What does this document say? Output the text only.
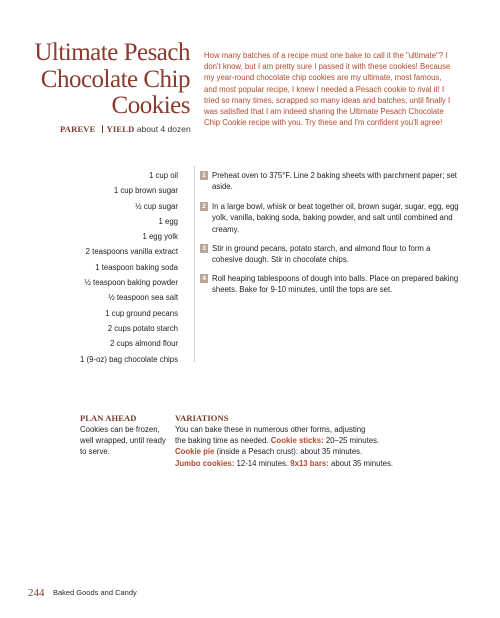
Ultimate Pesach
Chocolate Chip
Cookies
PAREVE YIELD about 4 dozen
How many batches of a recipe must one bake to call it the "ultimate"? I don't know, but I am pretty sure I passed it with these cookies! Because my year-round chocolate chip cookies are my ultimate, most famous, and most popular recipe, I knew I needed a Pesach cookie to rival it! I tried so many times, scrapped so many ideas and batches, until finally I was satisfied that I am indeed sharing the Ultimate Pesach Chocolate Chip Cookie recipe with you. Try these and I'm confident you'll agree!
1 cup oil
1 cup brown sugar
½ cup sugar
1 egg
1 egg yolk
2 teaspoons vanilla extract
1 teaspoon baking soda
½ teaspoon baking powder
½ teaspoon sea salt
1 cup ground pecans
2 cups potato starch
2 cups almond flour
1 (9-oz) bag chocolate chips
1 Preheat oven to 375°F. Line 2 baking sheets with parchment paper; set aside.
2 In a large bowl, whisk or beat together oil, brown sugar, sugar, egg, egg yolk, vanilla, baking soda, baking powder, and salt until combined and creamy.
3 Stir in ground pecans, potato starch, and almond flour to form a cohesive dough. Stir in chocolate chips.
4 Roll heaping tablespoons of dough into balls. Place on prepared baking sheets. Bake for 9-10 minutes, until the tops are set.
PLAN AHEAD
Cookies can be frozen, well wrapped, until ready to serve.
VARIATIONS
You can bake these in numerous other forms, adjusting
the baking time as needed. Cookie sticks: 20–25 minutes.
Cookie pie (inside a Pesach crust): about 35 minutes.
Jumbo cookies: 12-14 minutes. 9x13 bars: about 35 minutes.
244 Baked Goods and Candy
